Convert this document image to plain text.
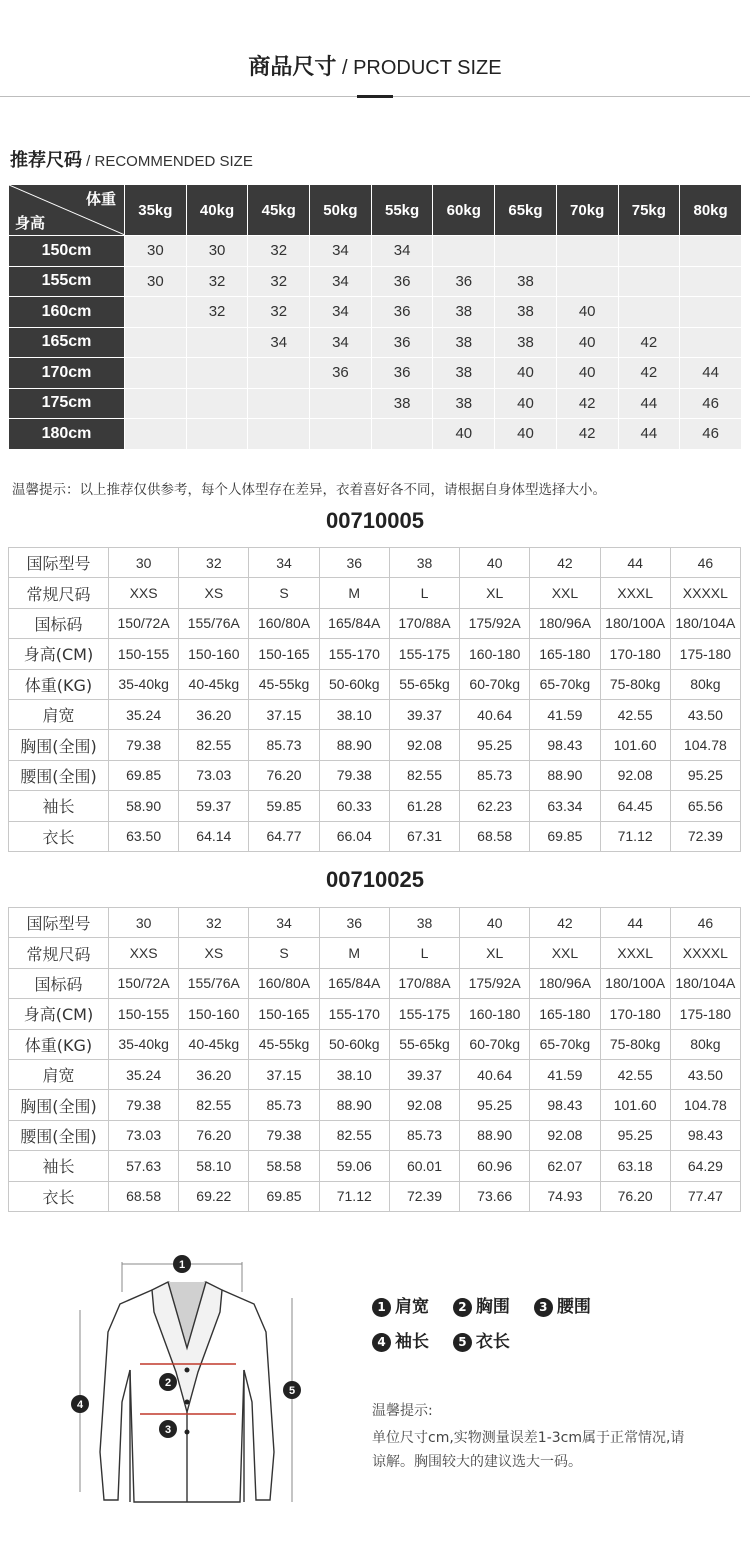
商品尺寸 / PRODUCT SIZE
推荐尺码 / RECOMMENDED SIZE
体重
身高	35kg	40kg	45kg	50kg	55kg	60kg	65kg	70kg	75kg	80kg
150cm	30	30	32	34	34					
155cm	30	32	32	34	36	36	38			
160cm		32	32	34	36	38	38	40		
165cm			34	34	36	38	38	40	42	
170cm				36	36	38	40	40	42	44
175cm					38	38	40	42	44	46
180cm						40	40	42	44	46
温馨提示：以上推荐仅供参考，每个人体型存在差异，衣着喜好各不同，请根据自身体型选择大小。
00710005
国际型号	30	32	34	36	38	40	42	44	46
常规尺码	XXS	XS	S	M	L	XL	XXL	XXXL	XXXXL
国标码	150/72A	155/76A	160/80A	165/84A	170/88A	175/92A	180/96A	180/100A	180/104A
身高(CM)	150-155	150-160	150-165	155-170	155-175	160-180	165-180	170-180	175-180
体重(KG)	35-40kg	40-45kg	45-55kg	50-60kg	55-65kg	60-70kg	65-70kg	75-80kg	80kg
肩宽	35.24	36.20	37.15	38.10	39.37	40.64	41.59	42.55	43.50
胸围(全围)	79.38	82.55	85.73	88.90	92.08	95.25	98.43	101.60	104.78
腰围(全围)	69.85	73.03	76.20	79.38	82.55	85.73	88.90	92.08	95.25
袖长	58.90	59.37	59.85	60.33	61.28	62.23	63.34	64.45	65.56
衣长	63.50	64.14	64.77	66.04	67.31	68.58	69.85	71.12	72.39
00710025
国际型号	30	32	34	36	38	40	42	44	46
常规尺码	XXS	XS	S	M	L	XL	XXL	XXXL	XXXXL
国标码	150/72A	155/76A	160/80A	165/84A	170/88A	175/92A	180/96A	180/100A	180/104A
身高(CM)	150-155	150-160	150-165	155-170	155-175	160-180	165-180	170-180	175-180
体重(KG)	35-40kg	40-45kg	45-55kg	50-60kg	55-65kg	60-70kg	65-70kg	75-80kg	80kg
肩宽	35.24	36.20	37.15	38.10	39.37	40.64	41.59	42.55	43.50
胸围(全围)	79.38	82.55	85.73	88.90	92.08	95.25	98.43	101.60	104.78
腰围(全围)	73.03	76.20	79.38	82.55	85.73	88.90	92.08	95.25	98.43
袖长	57.63	58.10	58.58	59.06	60.01	60.96	62.07	63.18	64.29
衣长	68.58	69.22	69.85	71.12	72.39	73.66	74.93	76.20	77.47
1
2
3
4
5
1 肩宽 2 胸围 3 腰围
4 袖长 5 衣长
温馨提示:
单位尺寸cm,实物测量误差1-3cm属于正常情况,请谅解。胸围较大的建议选大一码。
